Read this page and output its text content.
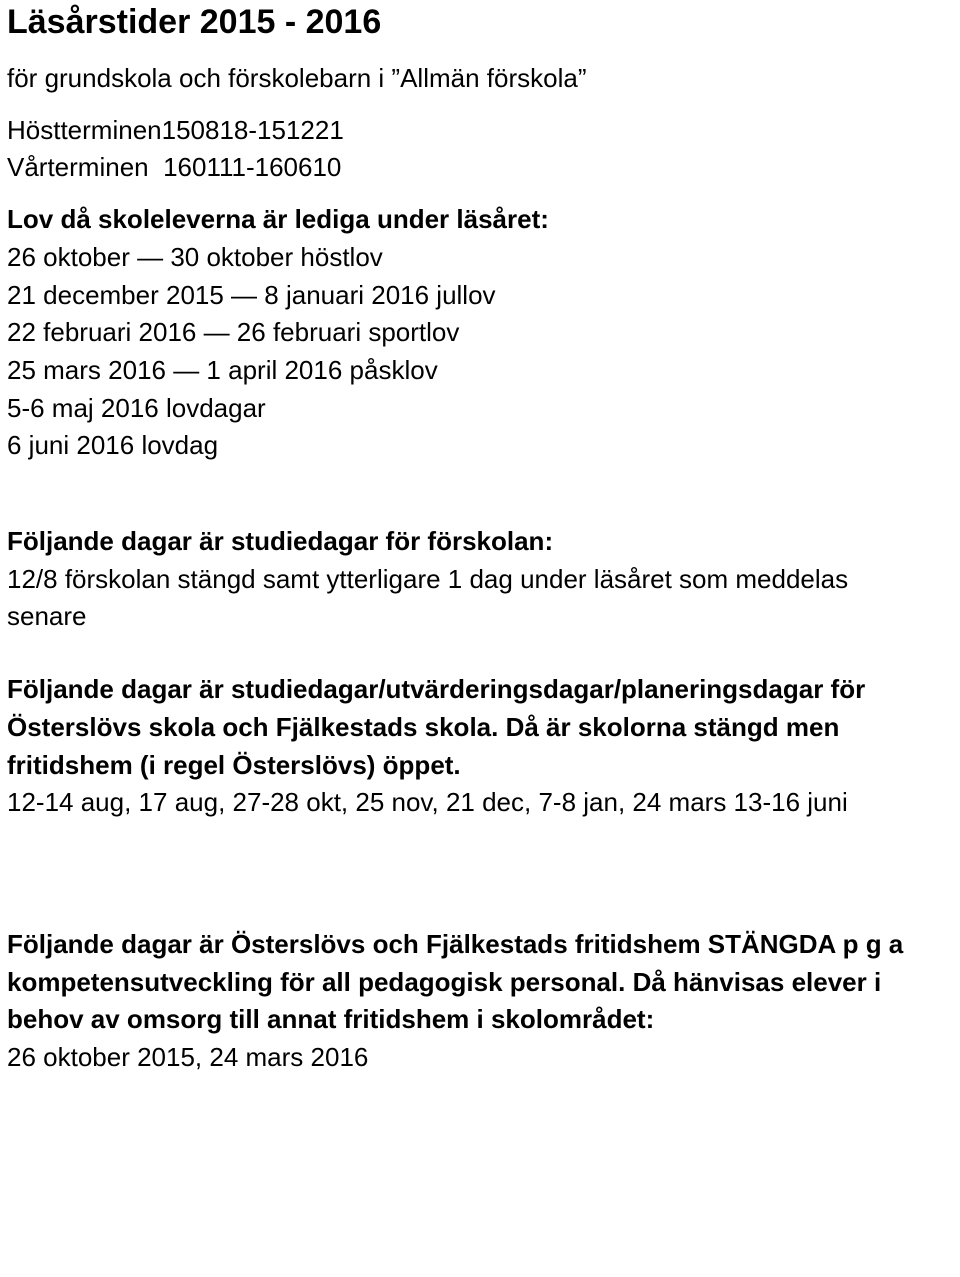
Läsårstider 2015 - 2016
för grundskola och förskolebarn i ”Allmän förskola”
Höstterminen150818-151221
Vårterminen  160111-160610
Lov då skoleleverna är lediga under läsåret:
26 oktober — 30 oktober höstlov
21 december 2015 — 8 januari 2016 jullov
22 februari 2016 — 26 februari sportlov
25 mars 2016 — 1 april 2016 påsklov
5-6 maj 2016 lovdagar
6 juni 2016 lovdag
Följande dagar är studiedagar för förskolan:
12/8 förskolan stängd samt ytterligare 1 dag under läsåret som meddelas senare
Följande dagar är studiedagar/utvärderingsdagar/planeringsdagar för Österslövs skola och Fjälkestads skola. Då är skolorna stängd men fritidshem (i regel Österslövs) öppet.
12-14 aug, 17 aug, 27-28 okt, 25 nov, 21 dec, 7-8 jan, 24 mars 13-16 juni
Följande dagar är Österslövs och Fjälkestads fritidshem STÄNGDA p g a kompetensutveckling för all pedagogisk personal. Då hänvisas elever i behov av omsorg till annat fritidshem i skolområdet:
26 oktober 2015, 24 mars 2016
